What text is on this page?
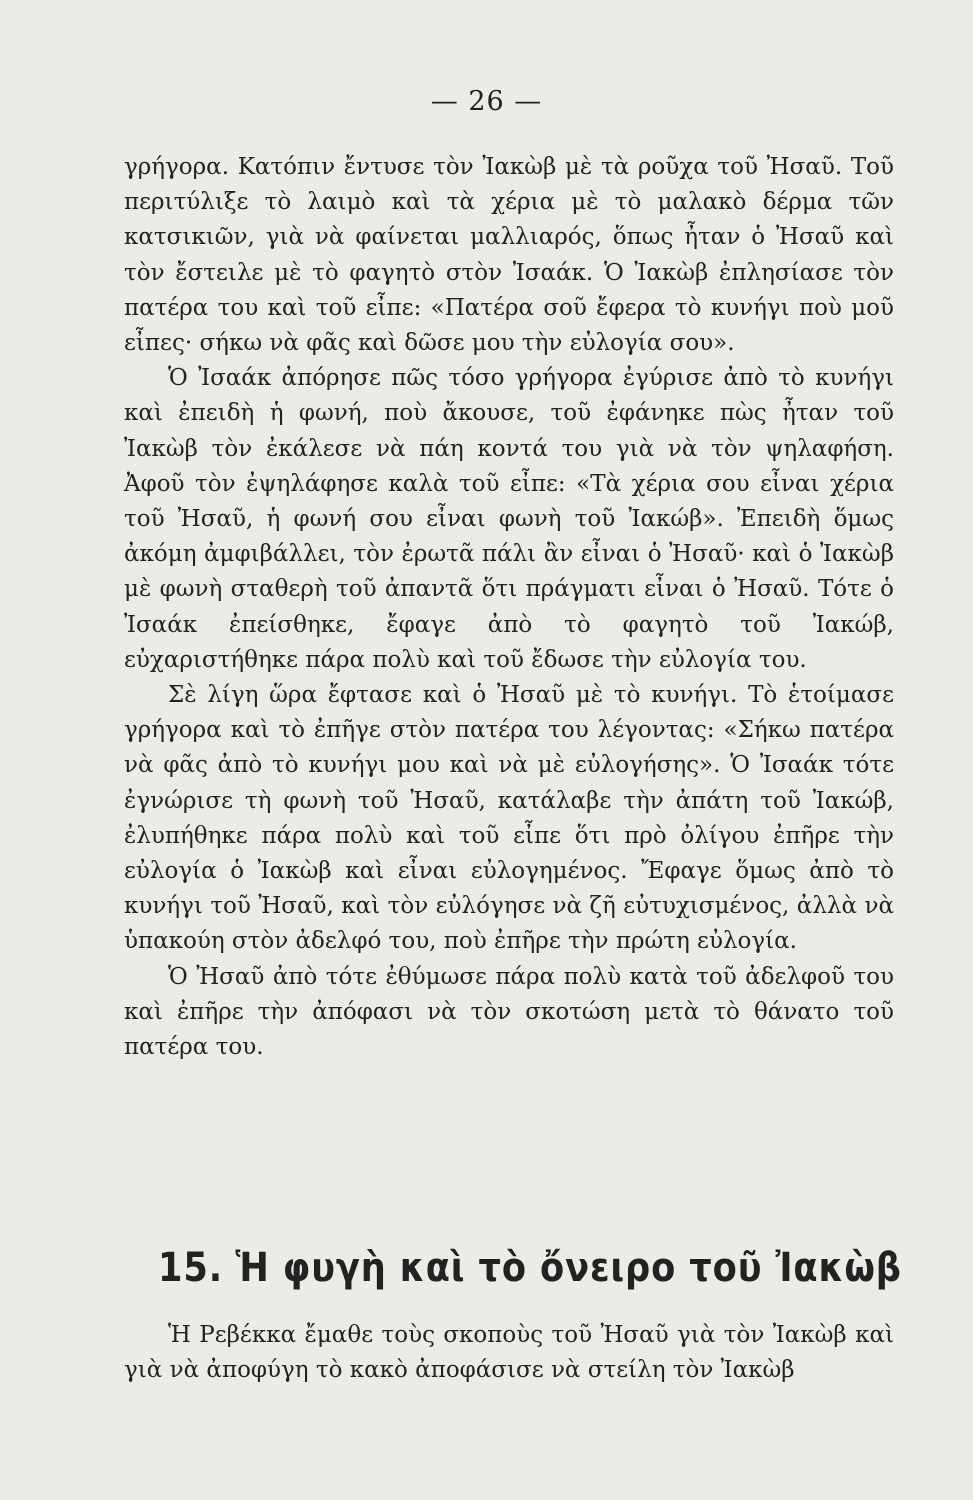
— 26 —

γρήγορα. Κατόπιν ἔντυσε τὸν Ἰακὼβ μὲ τὰ ροῦχα τοῦ Ἠσαῦ. Τοῦ περιτύλιξε τὸ λαιμὸ καὶ τὰ χέρια μὲ τὸ μαλακὸ δέρμα τῶν κατσικιῶν, γιὰ νὰ φαίνεται μαλλιαρός, ὅπως ἦταν ὁ Ἠσαῦ καὶ τὸν ἔστειλε μὲ τὸ φαγητὸ στὸν Ἰσαάκ. Ὁ Ἰακὼβ ἐπλησίασε τὸν πατέρα του καὶ τοῦ εἶπε: «Πατέρα σοῦ ἔφερα τὸ κυνήγι ποὺ μοῦ εἶπες· σήκω νὰ φᾶς καὶ δῶσε μου τὴν εὐλογία σου».

Ὁ Ἰσαάκ ἀπόρησε πῶς τόσο γρήγορα ἐγύρισε ἀπὸ τὸ κυνήγι καὶ ἐπειδὴ ἡ φωνή, ποὺ ἄκουσε, τοῦ ἐφάνηκε πὼς ἦταν τοῦ Ἰακὼβ τὸν ἐκάλεσε νὰ πάη κοντά του γιὰ νὰ τὸν ψηλαφήση. Ἀφοῦ τὸν ἐψηλάφησε καλὰ τοῦ εἶπε: «Τὰ χέρια σου εἶναι χέρια τοῦ Ἠσαῦ, ἡ φωνή σου εἶναι φωνὴ τοῦ Ἰακώβ». Ἐπειδὴ ὅμως ἀκόμη ἀμφιβάλλει, τὸν ἐρωτᾶ πάλι ἂν εἶναι ὁ Ἠσαῦ· καὶ ὁ Ἰακὼβ μὲ φωνὴ σταθερὴ τοῦ ἀπαντᾶ ὅτι πράγματι εἶναι ὁ Ἠσαῦ. Τότε ὁ Ἰσαάκ ἐπείσθηκε, ἔφαγε ἀπὸ τὸ φαγητὸ τοῦ Ἰακώβ, εὐχαριστήθηκε πάρα πολὺ καὶ τοῦ ἔδωσε τὴν εὐλογία του.

Σὲ λίγη ὥρα ἔφτασε καὶ ὁ Ἠσαῦ μὲ τὸ κυνήγι. Τὸ ἑτοίμασε γρήγορα καὶ τὸ ἐπῆγε στὸν πατέρα του λέγοντας: «Σήκω πατέρα νὰ φᾶς ἀπὸ τὸ κυνήγι μου καὶ νὰ μὲ εὐλογήσης». Ὁ Ἰσαάκ τότε ἐγνώρισε τὴ φωνὴ τοῦ Ἠσαῦ, κατάλαβε τὴν ἀπάτη τοῦ Ἰακώβ, ἐλυπήθηκε πάρα πολὺ καὶ τοῦ εἶπε ὅτι πρὸ ὀλίγου ἐπῆρε τὴν εὐλογία ὁ Ἰακὼβ καὶ εἶναι εὐλογημένος. Ἔφαγε ὅμως ἀπὸ τὸ κυνήγι τοῦ Ἠσαῦ, καὶ τὸν εὐλόγησε νὰ ζῆ εὐτυχισμένος, ἀλλὰ νὰ ὑπακούη στὸν ἀδελφό του, ποὺ ἐπῆρε τὴν πρώτη εὐλογία.

Ὁ Ἠσαῦ ἀπὸ τότε ἐθύμωσε πάρα πολὺ κατὰ τοῦ ἀδελφοῦ του καὶ ἐπῆρε τὴν ἀπόφασι νὰ τὸν σκοτώση μετὰ τὸ θάνατο τοῦ πατέρα του.

15. Ἡ φυγὴ καὶ τὸ ὄνειρο τοῦ Ἰακὼβ

Ἡ Ρεβέκκα ἔμαθε τοὺς σκοποὺς τοῦ Ἠσαῦ γιὰ τὸν Ἰακὼβ καὶ γιὰ νὰ ἀποφύγη τὸ κακὸ ἀποφάσισε νὰ στείλη τὸν Ἰακὼβ
